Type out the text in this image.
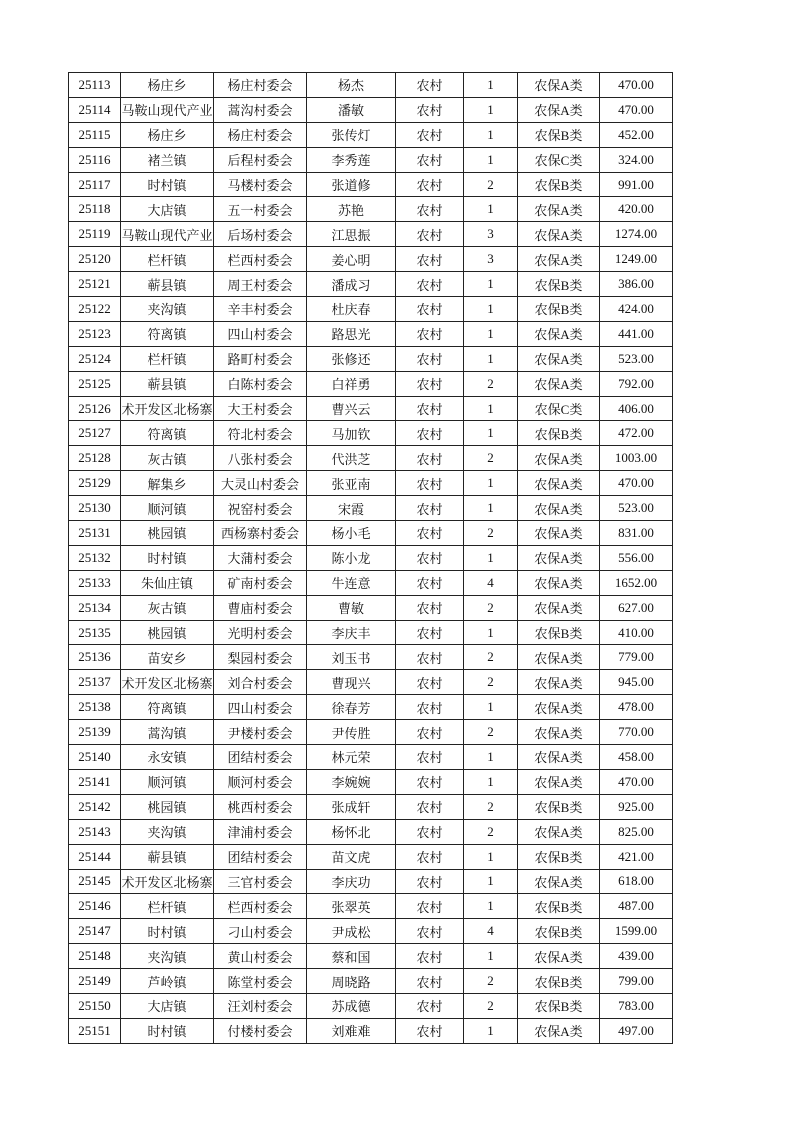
25113	杨庄乡	杨庄村委会	杨杰	农村	1	农保A类	470.00

25114	马鞍山现代产业	蒿沟村委会	潘敏	农村	1	农保A类	470.00

25115	杨庄乡	杨庄村委会	张传灯	农村	1	农保B类	452.00

25116	褚兰镇	后程村委会	李秀莲	农村	1	农保C类	324.00

25117	时村镇	马楼村委会	张道修	农村	2	农保B类	991.00

25118	大店镇	五一村委会	苏艳	农村	1	农保A类	420.00

25119	马鞍山现代产业	后场村委会	江思振	农村	3	农保A类	1274.00

25120	栏杆镇	栏西村委会	姜心明	农村	3	农保A类	1249.00

25121	蕲县镇	周王村委会	潘成习	农村	1	农保B类	386.00

25122	夹沟镇	辛丰村委会	杜庆春	农村	1	农保B类	424.00

25123	符离镇	四山村委会	路思光	农村	1	农保A类	441.00

25124	栏杆镇	路町村委会	张修还	农村	1	农保A类	523.00

25125	蕲县镇	白陈村委会	白祥勇	农村	2	农保A类	792.00

25126	术开发区北杨寨	大王村委会	曹兴云	农村	1	农保C类	406.00

25127	符离镇	符北村委会	马加钦	农村	1	农保B类	472.00

25128	灰古镇	八张村委会	代洪芝	农村	2	农保A类	1003.00

25129	解集乡	大灵山村委会	张亚南	农村	1	农保A类	470.00

25130	顺河镇	祝窑村委会	宋霞	农村	1	农保A类	523.00

25131	桃园镇	西杨寨村委会	杨小毛	农村	2	农保A类	831.00

25132	时村镇	大蒲村委会	陈小龙	农村	1	农保A类	556.00

25133	朱仙庄镇	矿南村委会	牛连意	农村	4	农保A类	1652.00

25134	灰古镇	曹庙村委会	曹敏	农村	2	农保A类	627.00

25135	桃园镇	光明村委会	李庆丰	农村	1	农保B类	410.00

25136	苗安乡	梨园村委会	刘玉书	农村	2	农保A类	779.00

25137	术开发区北杨寨	刘合村委会	曹现兴	农村	2	农保A类	945.00

25138	符离镇	四山村委会	徐春芳	农村	1	农保A类	478.00

25139	蒿沟镇	尹楼村委会	尹传胜	农村	2	农保A类	770.00

25140	永安镇	团结村委会	林元荣	农村	1	农保A类	458.00

25141	顺河镇	顺河村委会	李婉婉	农村	1	农保A类	470.00

25142	桃园镇	桃西村委会	张成轩	农村	2	农保B类	925.00

25143	夹沟镇	津浦村委会	杨怀北	农村	2	农保A类	825.00

25144	蕲县镇	团结村委会	苗文虎	农村	1	农保B类	421.00

25145	术开发区北杨寨	三官村委会	李庆功	农村	1	农保A类	618.00

25146	栏杆镇	栏西村委会	张翠英	农村	1	农保B类	487.00

25147	时村镇	刁山村委会	尹成松	农村	4	农保B类	1599.00

25148	夹沟镇	黄山村委会	蔡和国	农村	1	农保A类	439.00

25149	芦岭镇	陈堂村委会	周晓路	农村	2	农保B类	799.00

25150	大店镇	汪刘村委会	苏成德	农村	2	农保B类	783.00

25151	时村镇	付楼村委会	刘难难	农村	1	农保A类	497.00
